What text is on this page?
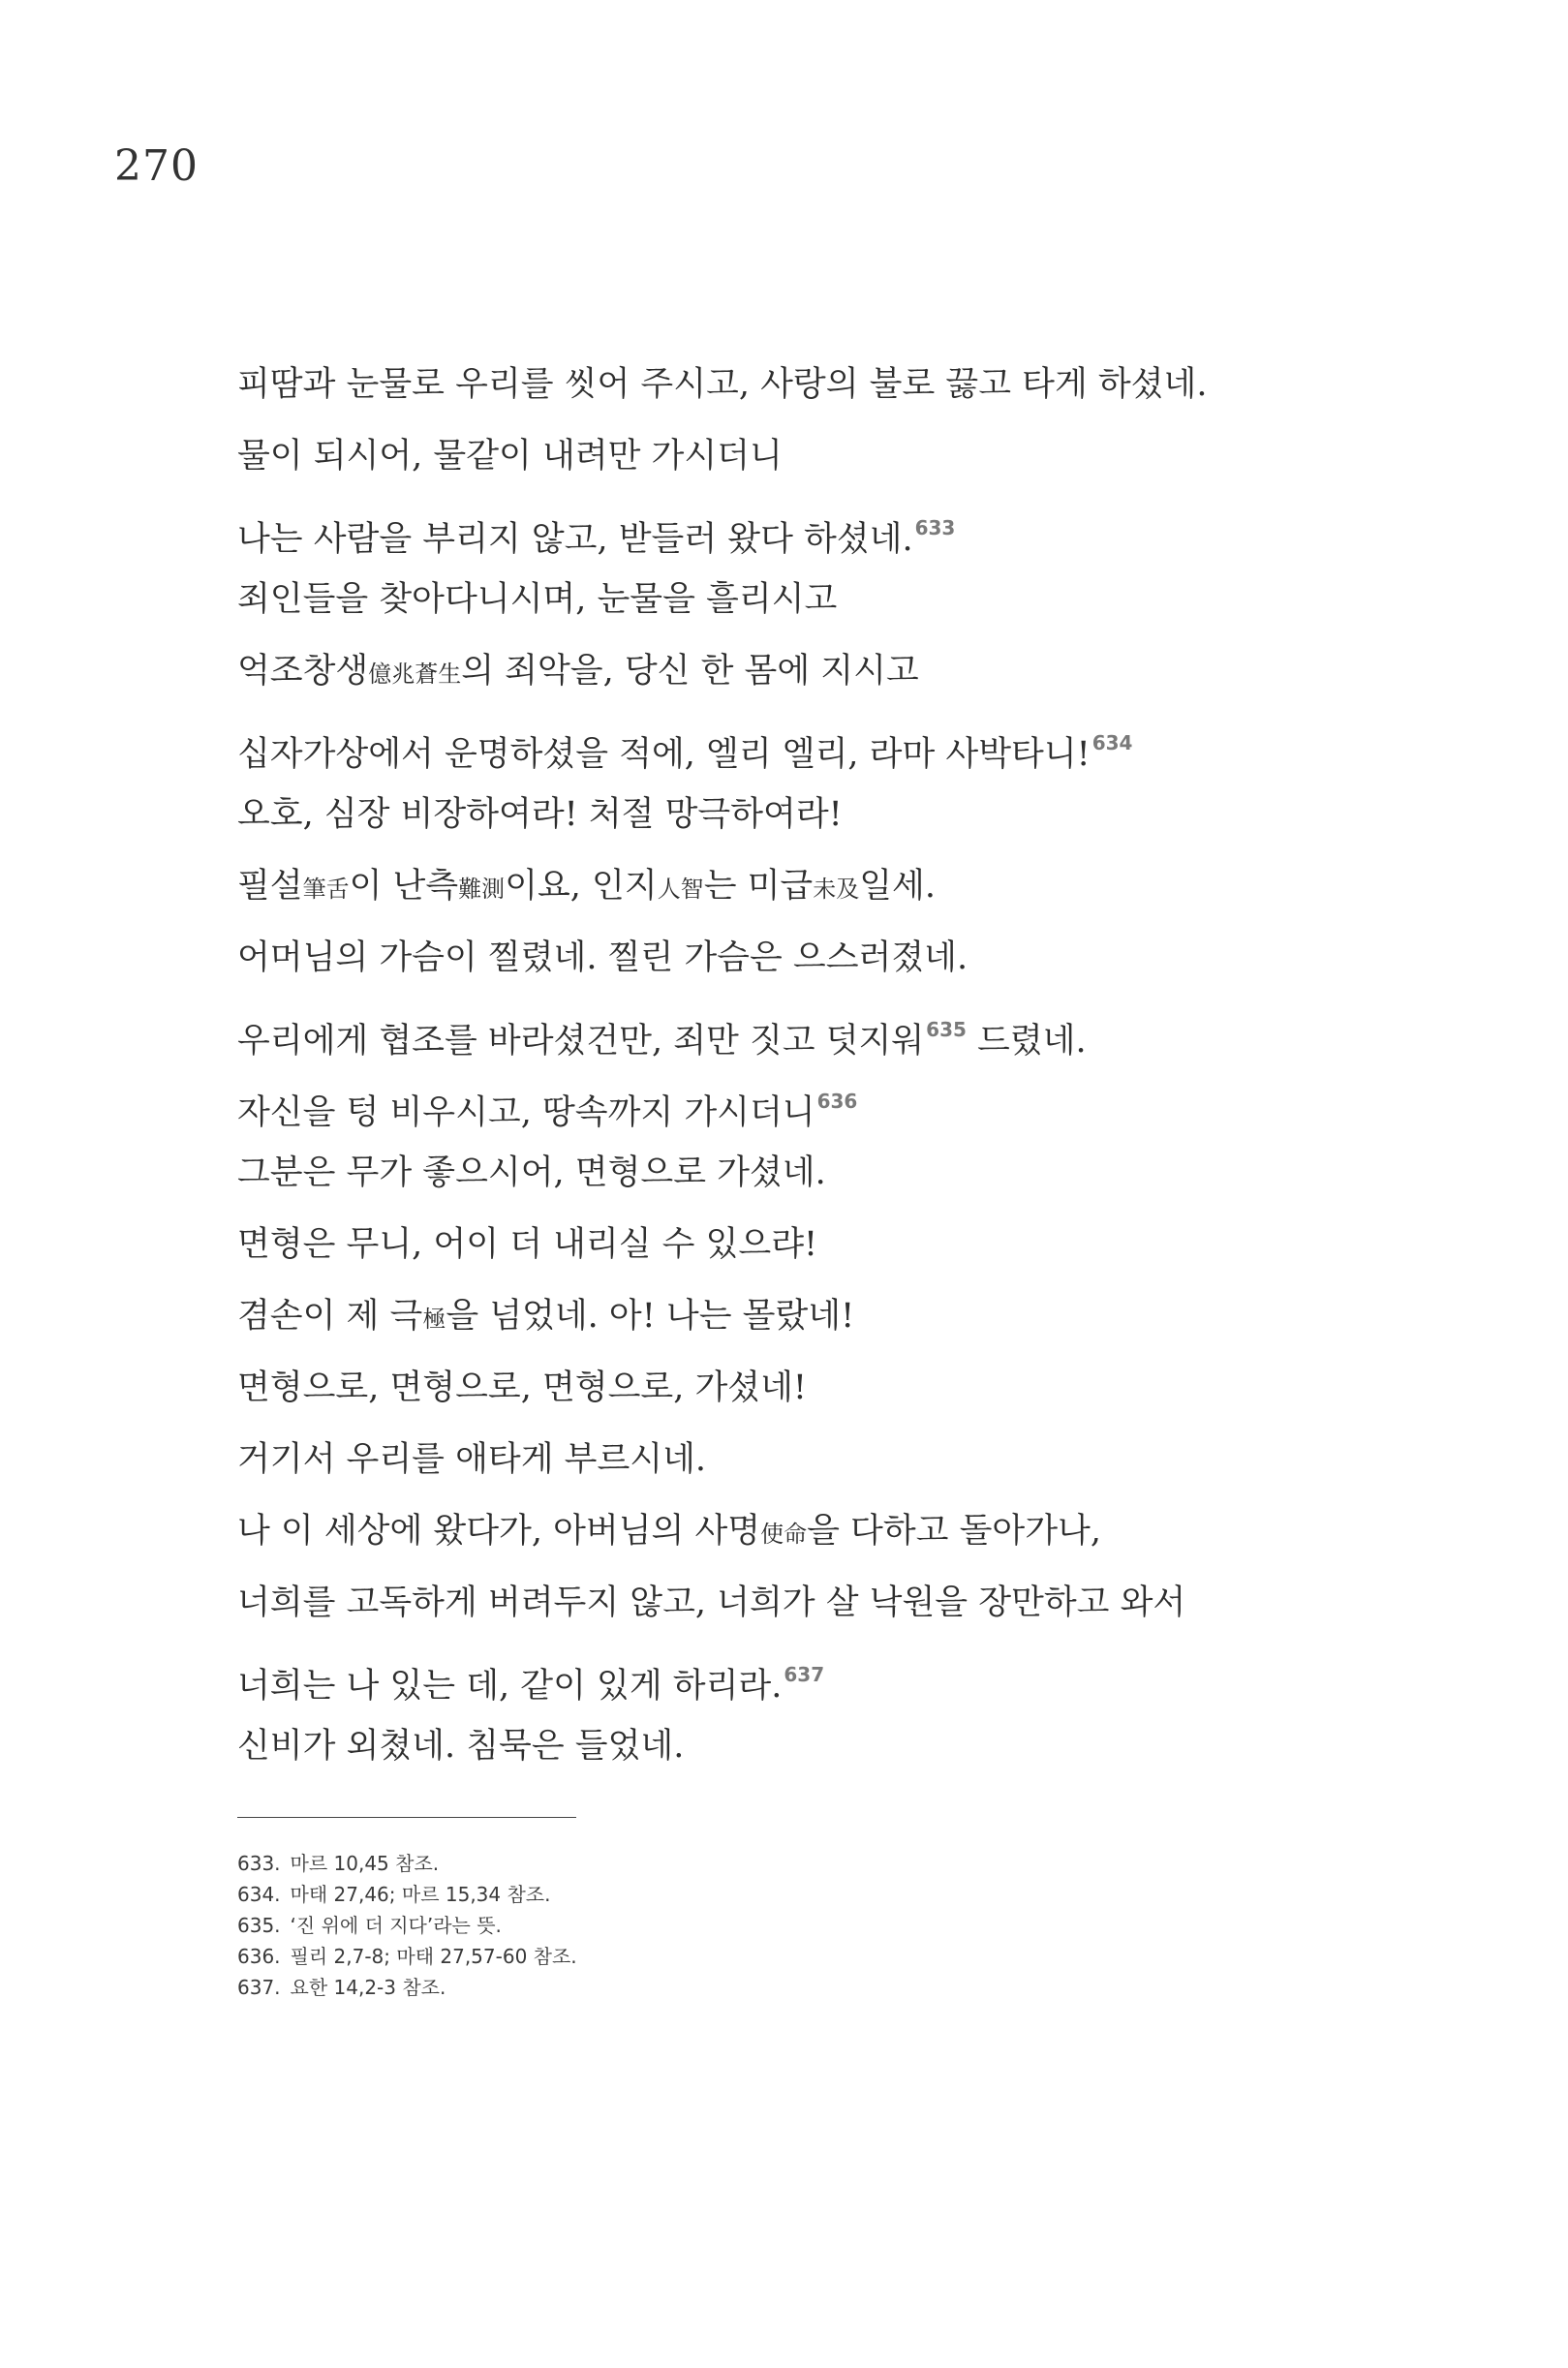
270
피땀과 눈물로 우리를 씻어 주시고, 사랑의 불로 끓고 타게 하셨네.
물이 되시어, 물같이 내려만 가시더니
나는 사람을 부리지 않고, 받들러 왔다 하셨네. $^{633}$
죄인들을 찾아다니시며, 눈물을 흘리시고
억조창생億兆蒼生의 죄악을, 당신 한 몸에 지시고
십자가상에서 운명하셨을 적에, 엘리 엘리, 라마 사박타니! $^{634}$
오호, 심장 비장하여라! 처절 망극하여라!
필설筆舌이 난측難測이요, 인지人智는 미급未及일세.
어머님의 가슴이 찔렸네. 찔린 가슴은 으스러졌네.
우리에게 협조를 바라셨건만, 죄만 짓고 덧지워 $^{635}$ 드렸네.
자신을 텅 비우시고, 땅속까지 가시더니 $^{636}$
그분은 무가 좋으시어, 면형으로 가셨네.
면형은 무니, 어이 더 내리실 수 있으랴!
겸손이 제 극極을 넘었네. 아! 나는 몰랐네!
면형으로, 면형으로, 면형으로, 가셨네!
거기서 우리를 애타게 부르시네.
나 이 세상에 왔다가, 아버님의 사명使命을 다하고 돌아가나,
너희를 고독하게 버려두지 않고, 너희가 살 낙원을 장만하고 와서
너희는 나 있는 데, 같이 있게 하리라. $^{637}$
신비가 외쳤네. 침묵은 들었네.
633. 마르 10,45 참조.
634. 마태 27,46; 마르 15,34 참조.
635. ‘진 위에 더 지다’라는 뜻.
636. 필리 2,7-8; 마태 27,57-60 참조.
637. 요한 14,2-3 참조.
